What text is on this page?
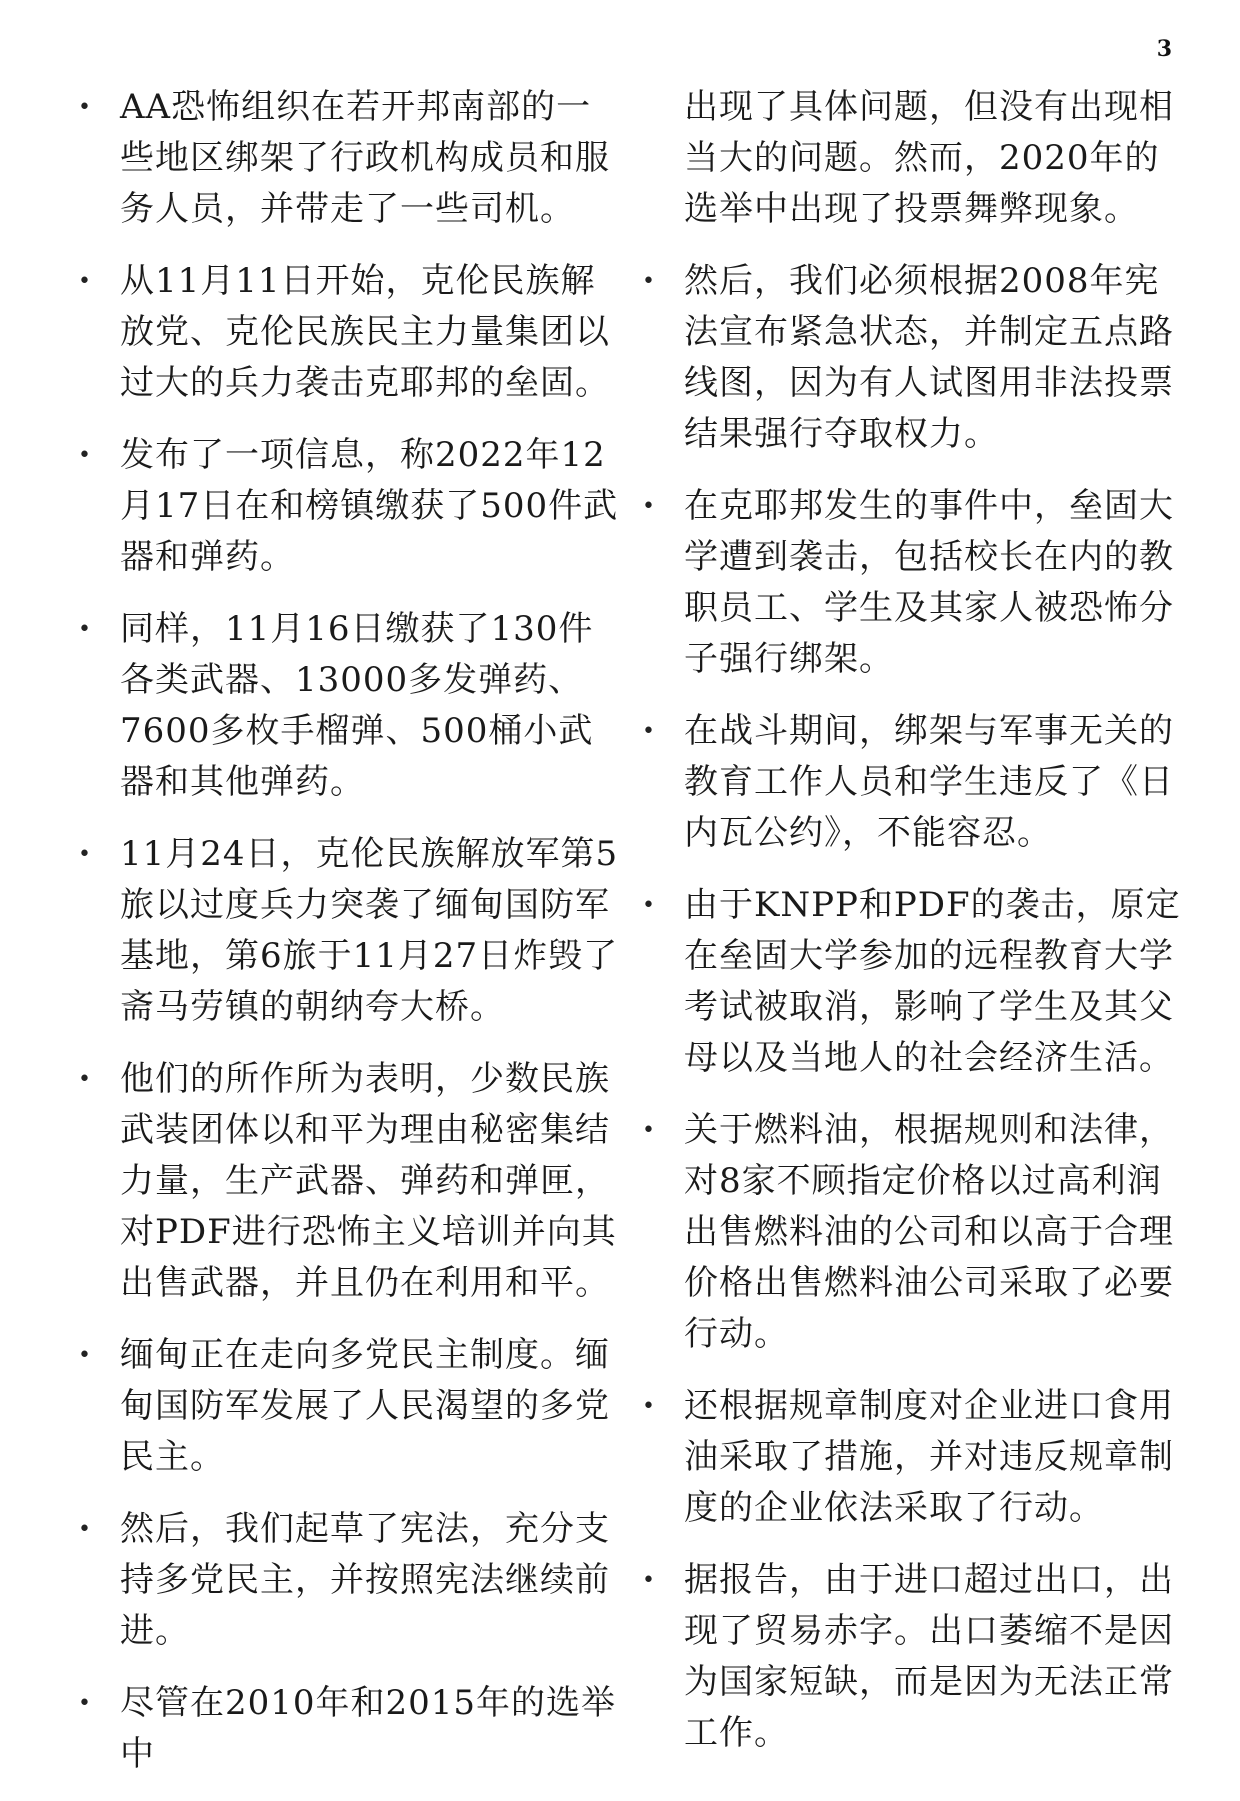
3
• AA恐怖组织在若开邦南部的一些地区绑架了行政机构成员和服务人员，并带走了一些司机。
• 从11月11日开始，克伦民族解放党、克伦民族民主力量集团以过大的兵力袭击克耶邦的垒固。
• 发布了一项信息，称2022年12月17日在和榜镇缴获了500件武器和弹药。
• 同样，11月16日缴获了130件各类武器、13000多发弹药、7600多枚手榴弹、500桶小武器和其他弹药。
• 11月24日，克伦民族解放军第5旅以过度兵力突袭了缅甸国防军基地，第6旅于11月27日炸毁了斋马劳镇的朝纳夸大桥。
• 他们的所作所为表明，少数民族武装团体以和平为理由秘密集结力量，生产武器、弹药和弹匣，对PDF进行恐怖主义培训并向其出售武器，并且仍在利用和平。
• 缅甸正在走向多党民主制度。缅甸国防军发展了人民渴望的多党民主。
• 然后，我们起草了宪法，充分支持多党民主，并按照宪法继续前进。
• 尽管在2010年和2015年的选举中
出现了具体问题，但没有出现相当大的问题。然而，2020年的选举中出现了投票舞弊现象。
• 然后，我们必须根据2008年宪法宣布紧急状态，并制定五点路线图，因为有人试图用非法投票结果强行夺取权力。
• 在克耶邦发生的事件中，垒固大学遭到袭击，包括校长在内的教职员工、学生及其家人被恐怖分子强行绑架。
• 在战斗期间，绑架与军事无关的教育工作人员和学生违反了《日内瓦公约》，不能容忍。
• 由于KNPP和PDF的袭击，原定在垒固大学参加的远程教育大学考试被取消，影响了学生及其父母以及当地人的社会经济生活。
• 关于燃料油，根据规则和法律，对8家不顾指定价格以过高利润出售燃料油的公司和以高于合理价格出售燃料油公司采取了必要行动。
• 还根据规章制度对企业进口食用油采取了措施，并对违反规章制度的企业依法采取了行动。
• 据报告，由于进口超过出口，出现了贸易赤字。出口萎缩不是因为国家短缺，而是因为无法正常工作。
